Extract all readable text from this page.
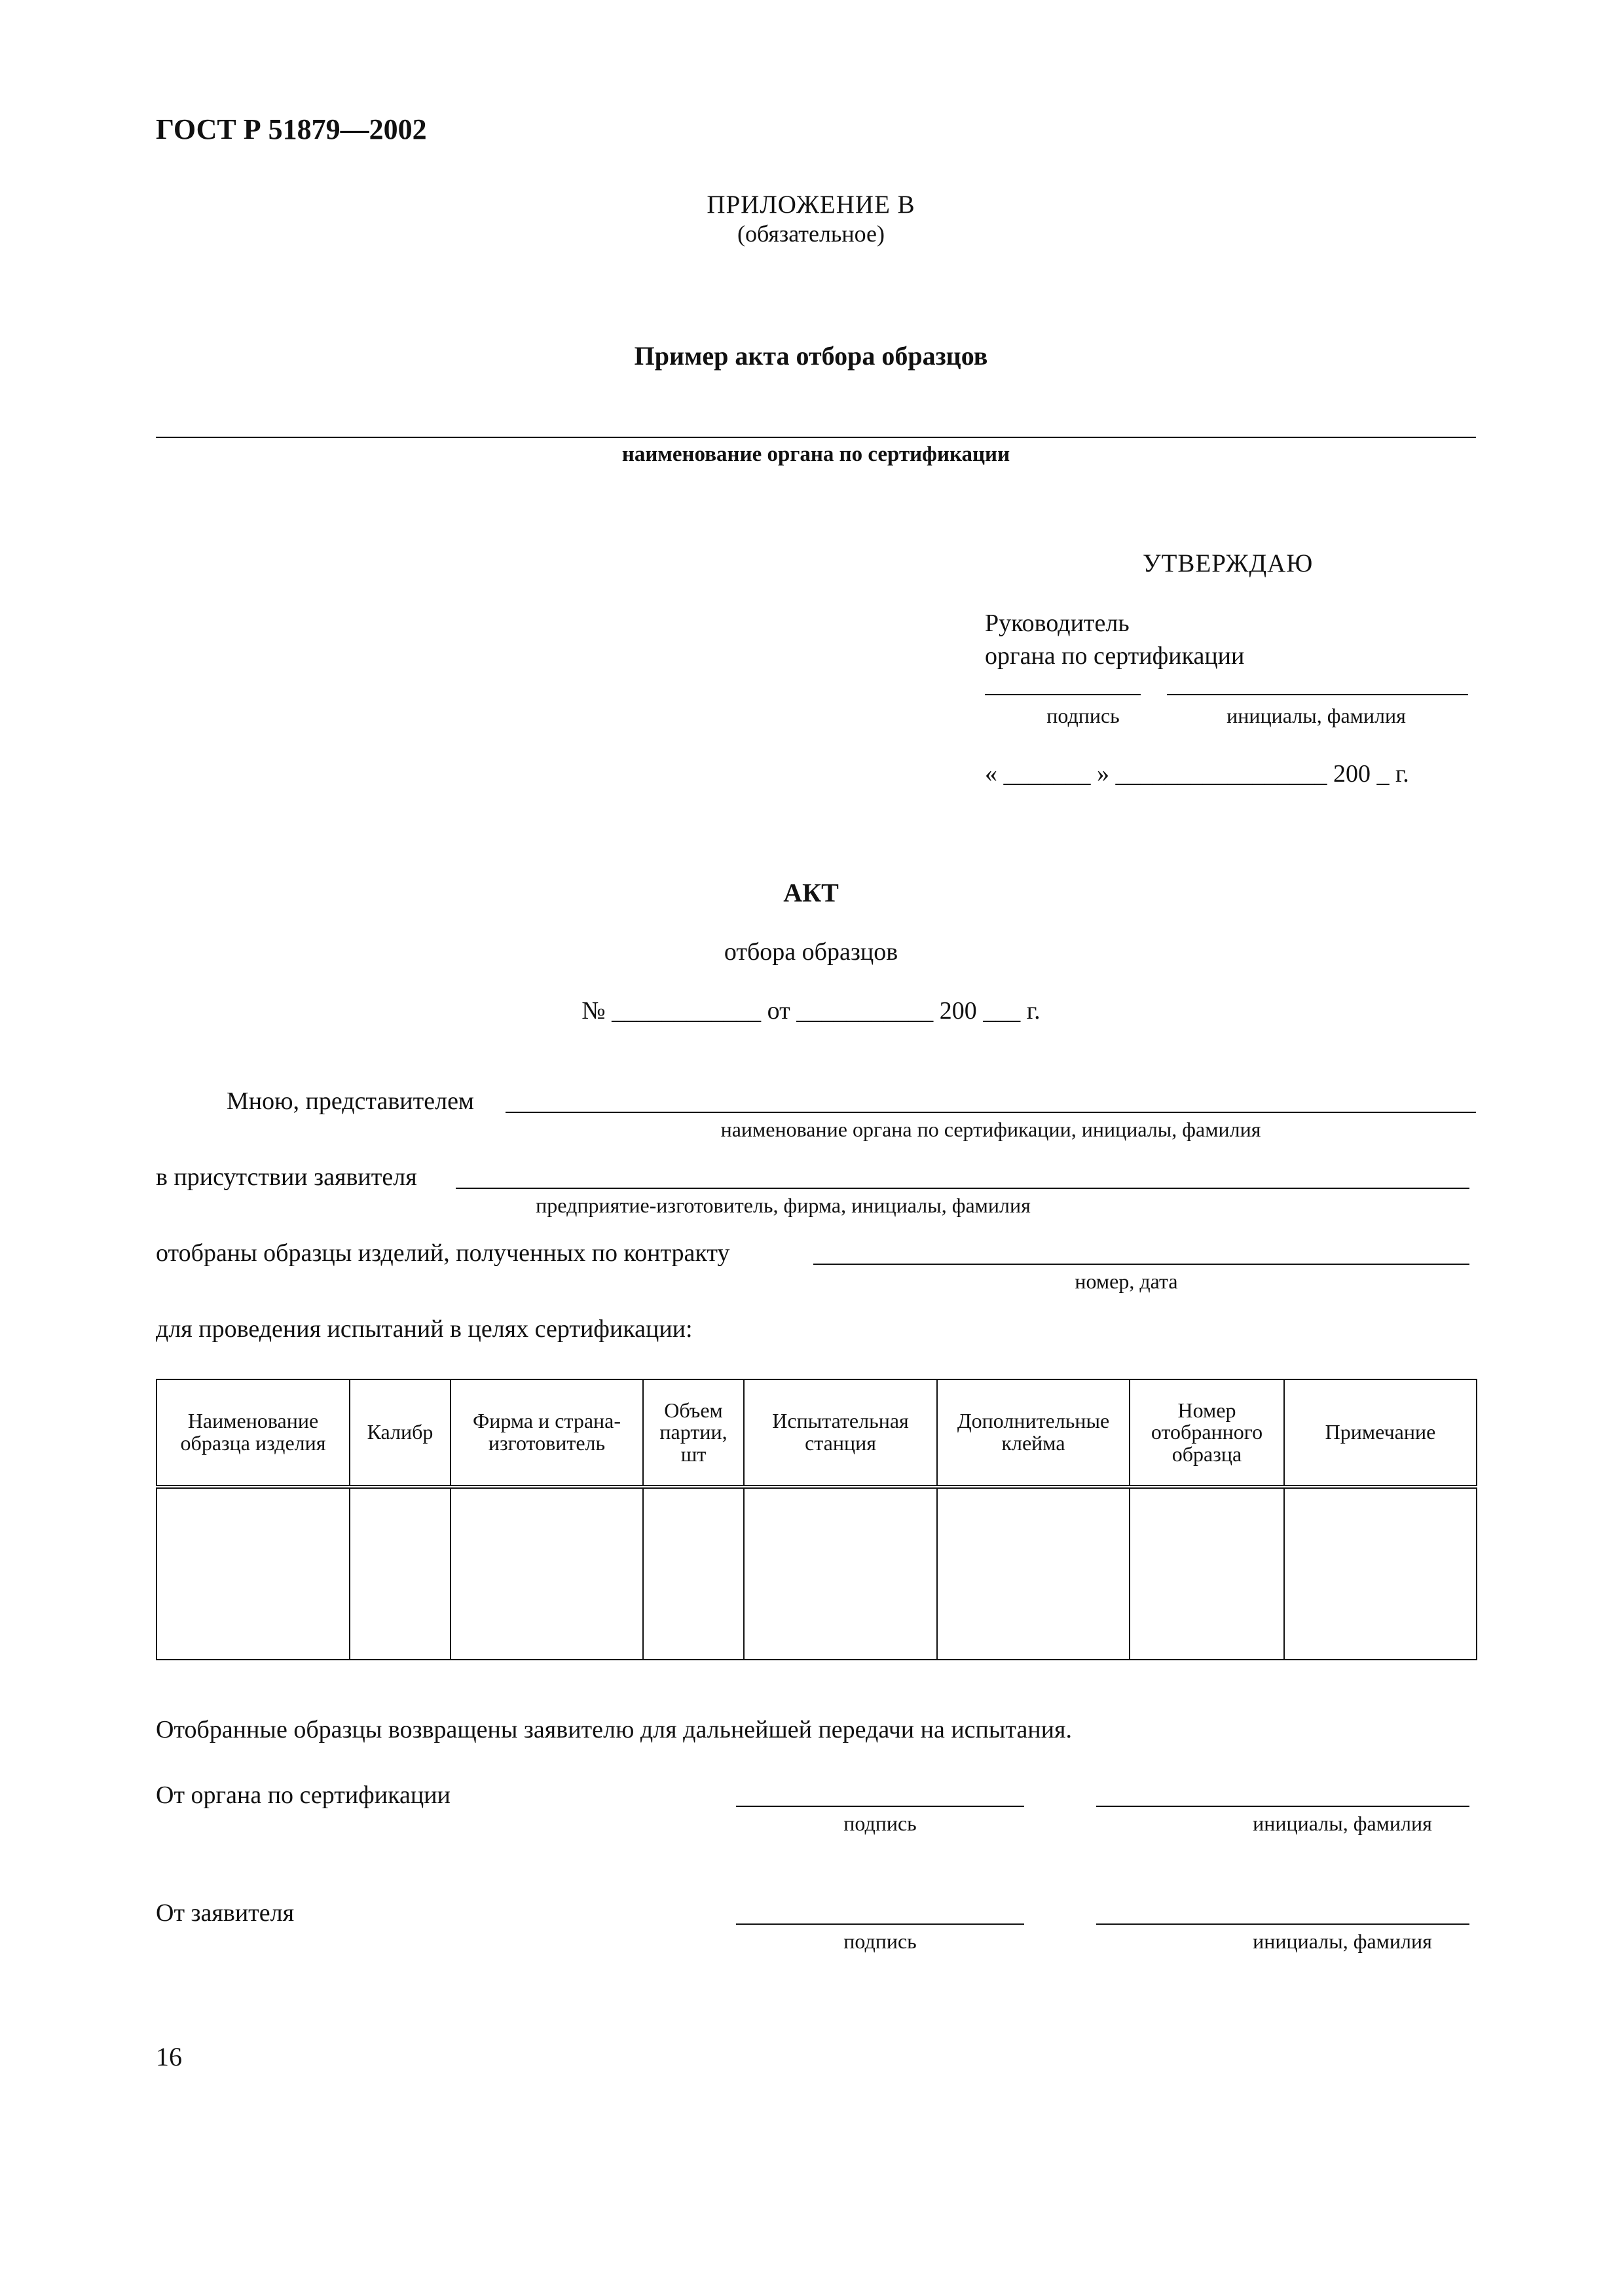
ГОСТ Р 51879—2002
ПРИЛОЖЕНИЕ В
(обязательное)
Пример акта отбора образцов
наименование органа по сертификации
УТВЕРЖДАЮ
Руководитель
органа по сертификации
подпись	инициалы, фамилия
« _______ » _________________ 200 _ г.
АКТ
отбора образцов
№ ____________ от ___________ 200 ___ г.
Мною, представителем
наименование органа по сертификации, инициалы, фамилия
в присутствии заявителя
предприятие-изготовитель, фирма, инициалы, фамилия
отобраны образцы изделий, полученных по контракту
номер, дата
для проведения испытаний в целях сертификации:
Наименование образца изделия	Калибр	Фирма и страна-изготовитель	Объем партии, шт	Испытательная станция	Дополнительные клейма	Номер отобранного образца	Примечание

Отобранные образцы возвращены заявителю для дальнейшей передачи на испытания.
От органа по сертификации
подпись	инициалы, фамилия
От заявителя
подпись	инициалы, фамилия
16
